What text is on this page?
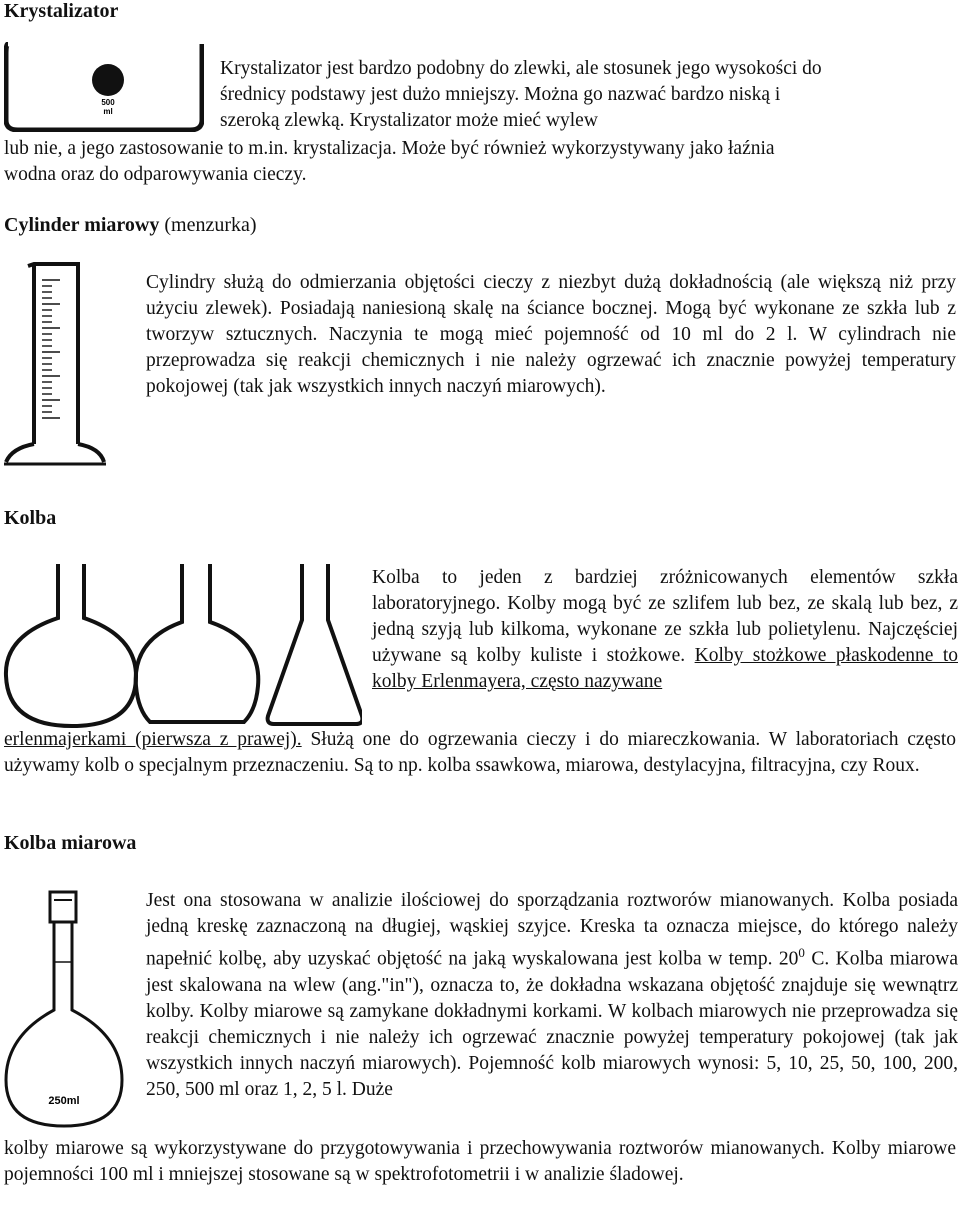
Krystalizator
500
ml

Krystalizator jest bardzo podobny do zlewki, ale stosunek jego wysokości do

średnicy podstawy jest dużo mniejszy. Można go nazwać bardzo niską i

szeroką zlewką. Krystalizator może mieć wylew

lub nie, a jego zastosowanie to m.in. krystalizacja. Może być również wykorzystywany jako łaźnia

wodna oraz do odparowywania cieczy.

Cylinder miarowy (menzurka)

Cylindry służą do odmierzania objętości cieczy z niezbyt dużą dokładnością (ale większą niż przy użyciu zlewek). Posiadają naniesioną skalę na ściance bocznej. Mogą być wykonane ze szkła lub z tworzyw sztucznych. Naczynia te mogą mieć pojemność od 10 ml do 2 l. W cylindrach nie przeprowadza się reakcji chemicznych i nie należy ogrzewać ich znacznie powyżej temperatury pokojowej (tak jak wszystkich innych naczyń miarowych).

Kolba
Kolba to jeden z bardziej zróżnicowanych elementów szkła laboratoryjnego. Kolby mogą być ze szlifem lub bez, ze skalą lub bez, z jedną szyją lub kilkoma, wykonane ze szkła lub polietylenu. Najczęściej używane są kolby kuliste i stożkowe. Kolby stożkowe płaskodenne to kolby Erlenmayera, często nazywane
erlenmajerkami (pierwsza z prawej). Służą one do ogrzewania cieczy i do miareczkowania. W laboratoriach często używamy kolb o specjalnym przeznaczeniu. Są to np. kolba ssawkowa, miarowa, destylacyjna, filtracyjna, czy Roux.
Kolba miarowa
250ml
Jest ona stosowana w analizie ilościowej do sporządzania roztworów mianowanych. Kolba posiada jedną kreskę zaznaczoną na długiej, wąskiej szyjce. Kreska ta oznacza miejsce, do którego należy napełnić kolbę, aby uzyskać objętość na jaką wyskalowana jest kolba w temp. $20^0$ C. Kolba miarowa jest skalowana na wlew (ang."in"), oznacza to, że dokładna wskazana objętość znajduje się wewnątrz kolby. Kolby miarowe są zamykane dokładnymi korkami. W kolbach miarowych nie przeprowadza się reakcji chemicznych i nie należy ich ogrzewać znacznie powyżej temperatury pokojowej (tak jak wszystkich innych naczyń miarowych). Pojemność kolb miarowych wynosi: 5, 10, 25, 50, 100, 200, 250, 500 ml oraz 1, 2, 5 l. Duże

kolby miarowe są wykorzystywane do przygotowywania i przechowywania roztworów mianowanych. Kolby miarowe pojemności 100 ml i mniejszej stosowane są w spektrofotometrii i w analizie śladowej.
